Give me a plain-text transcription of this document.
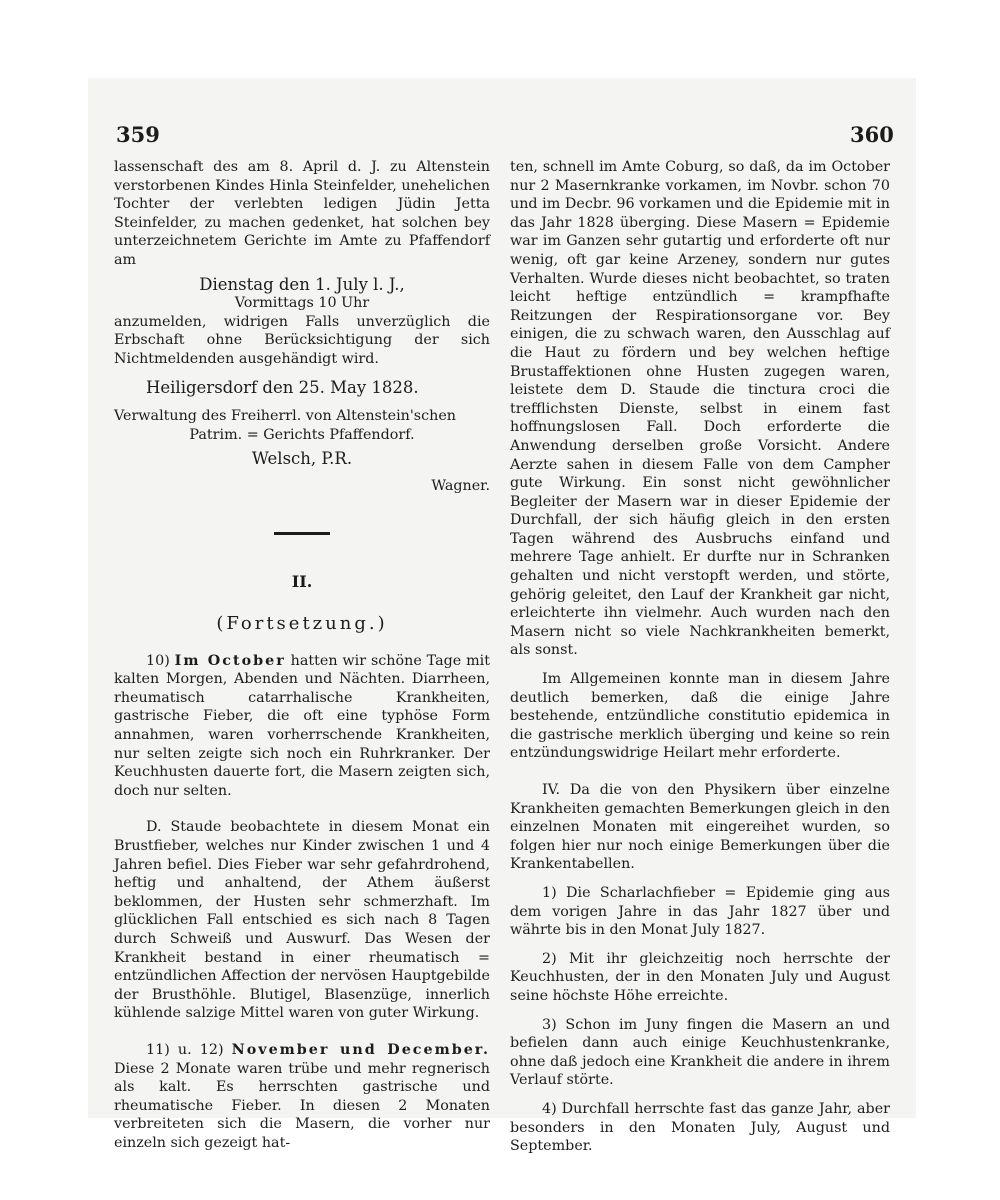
359	360

lassenschaft des am 8. April d. J. zu Altenstein verstorbenen Kindes Hinla Steinfelder, unehelichen Tochter der verlebten ledigen Jüdin Jetta Steinfelder, zu machen gedenket, hat solchen bey unterzeichnetem Gerichte im Amte zu Pfaffendorf am

Dienstag den 1. July l. J.,

Vormittags 10 Uhr

anzumelden, widrigen Falls unverzüglich die Erbschaft ohne Berücksichtigung der sich Nichtmeldenden ausgehändigt wird.

Heiligersdorf den 25. May 1828.

Verwaltung des Freiherrl. von Altenstein'schen

Patrim. = Gerichts Pfaffendorf.

Welsch, P.R.

Wagner.

II.

(Fortsetzung.)

10) Im October hatten wir schöne Tage mit kalten Morgen, Abenden und Nächten. Diarrheen, rheumatisch catarrhalische Krankheiten, gastrische Fieber, die oft eine typhöse Form annahmen, waren vorherrschende Krankheiten, nur selten zeigte sich noch ein Ruhrkranker. Der Keuchhusten dauerte fort, die Masern zeigten sich, doch nur selten.

D. Staude beobachtete in diesem Monat ein Brustfieber, welches nur Kinder zwischen 1 und 4 Jahren befiel. Dies Fieber war sehr gefahrdrohend, heftig und anhaltend, der Athem äußerst beklommen, der Husten sehr schmerzhaft. Im glücklichen Fall entschied es sich nach 8 Tagen durch Schweiß und Auswurf. Das Wesen der Krankheit bestand in einer rheumatisch = entzündlichen Affection der nervösen Hauptgebilde der Brusthöhle. Blutigel, Blasenzüge, innerlich kühlende salzige Mittel waren von guter Wirkung.

11) u. 12) November und December. Diese 2 Monate waren trübe und mehr regnerisch als kalt. Es herrschten gastrische und rheumatische Fieber. In diesen 2 Monaten verbreiteten sich die Masern, die vorher nur einzeln sich gezeigt hat-

ten, schnell im Amte Coburg, so daß, da im October nur 2 Masernkranke vorkamen, im Novbr. schon 70 und im Decbr. 96 vorkamen und die Epidemie mit in das Jahr 1828 überging. Diese Masern = Epidemie war im Ganzen sehr gutartig und erforderte oft nur wenig, oft gar keine Arzeney, sondern nur gutes Verhalten. Wurde dieses nicht beobachtet, so traten leicht heftige entzündlich = krampfhafte Reitzungen der Respirationsorgane vor. Bey einigen, die zu schwach waren, den Ausschlag auf die Haut zu fördern und bey welchen heftige Brustaffektionen ohne Husten zugegen waren, leistete dem D. Staude die tinctura croci die trefflichsten Dienste, selbst in einem fast hoffnungslosen Fall. Doch erforderte die Anwendung derselben große Vorsicht. Andere Aerzte sahen in diesem Falle von dem Campher gute Wirkung. Ein sonst nicht gewöhnlicher Begleiter der Masern war in dieser Epidemie der Durchfall, der sich häufig gleich in den ersten Tagen während des Ausbruchs einfand und mehrere Tage anhielt. Er durfte nur in Schranken gehalten und nicht verstopft werden, und störte, gehörig geleitet, den Lauf der Krankheit gar nicht, erleichterte ihn vielmehr. Auch wurden nach den Masern nicht so viele Nachkrankheiten bemerkt, als sonst.

Im Allgemeinen konnte man in diesem Jahre deutlich bemerken, daß die einige Jahre bestehende, entzündliche constitutio epidemica in die gastrische merklich überging und keine so rein entzündungswidrige Heilart mehr erforderte.

IV. Da die von den Physikern über einzelne Krankheiten gemachten Bemerkungen gleich in den einzelnen Monaten mit eingereihet wurden, so folgen hier nur noch einige Bemerkungen über die Krankentabellen.

1) Die Scharlachfieber = Epidemie ging aus dem vorigen Jahre in das Jahr 1827 über und währte bis in den Monat July 1827.

2) Mit ihr gleichzeitig noch herrschte der Keuchhusten, der in den Monaten July und August seine höchste Höhe erreichte.

3) Schon im Juny fingen die Masern an und befielen dann auch einige Keuchhustenkranke, ohne daß jedoch eine Krankheit die andere in ihrem Verlauf störte.

4) Durchfall herrschte fast das ganze Jahr, aber besonders in den Monaten July, August und September.
